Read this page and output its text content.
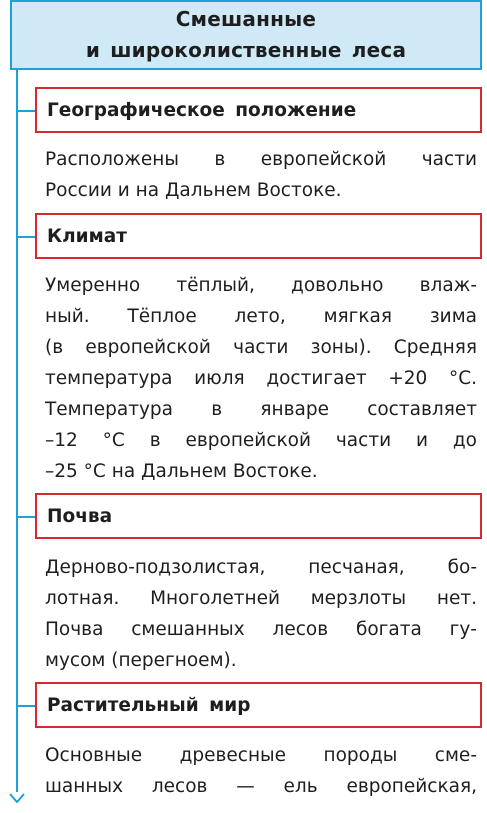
Смешанные
и широколиственные леса
Географическое положение
Расположены в европейской части
России и на Дальнем Востоке.
Климат
Умеренно тёплый, довольно влаж-
ный. Тёплое лето, мягкая зима
(в европейской части зоны). Средняя
температура июля достигает +20 °С.
Температура в январе составляет
–12 °С в европейской части и до
–25 °С на Дальнем Востоке.
Почва
Дерново-подзолистая, песчаная, бо-
лотная. Многолетней мерзлоты нет.
Почва смешанных лесов богата гу-
мусом (перегноем).
Растительный мир
Основные древесные породы сме-
шанных лесов — ель европейская,
